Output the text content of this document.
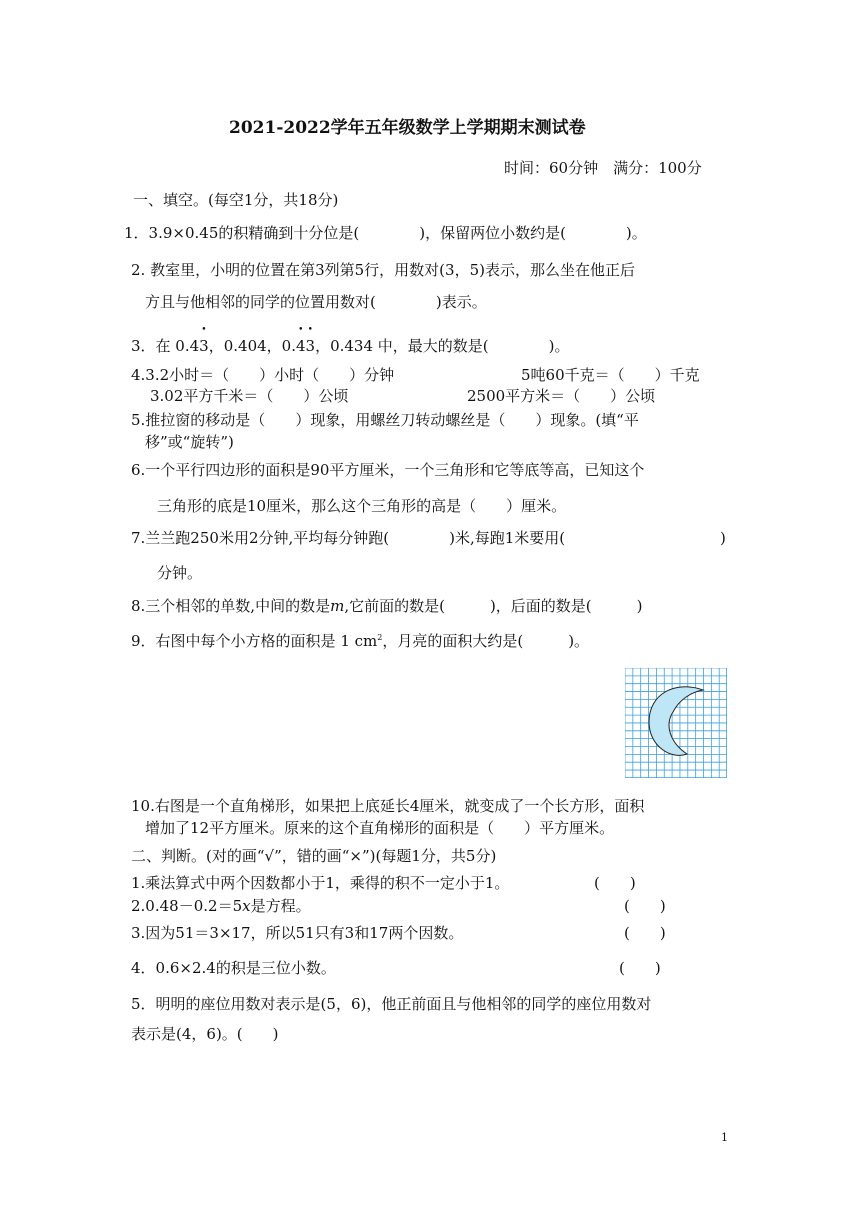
2021-2022学年五年级数学上学期期末测试卷
时间：60分钟　满分：100分
一、填空。(每空1分，共18分)
1．3.9×0.45的积精确到十分位是(　　　　)，保留两位小数约是(　　　　)。
2. 教室里，小明的位置在第3列第5行，用数对(3，5)表示，那么坐在他正后
方且与他相邻的同学的位置用数对(　　　　)表示。
3．在 0.4• 3，0.404，0.• 4• 3，0.434 中，最大的数是(　　　　)。
4.3.2小时＝（　　）小时（　　）分钟	5吨60千克＝（　　）千克
3.02平方千米＝（　　）公顷	2500平方米＝（　　）公顷
5.推拉窗的移动是（　　）现象，用螺丝刀转动螺丝是（　　）现象。(填“平
移”或“旋转”)
6.一个平行四边形的面积是90平方厘米，一个三角形和它等底等高，已知这个
三角形的底是10厘米，那么这个三角形的高是（　　）厘米。
7.兰兰跑250米用2分钟,平均每分钟跑(　　　　)米,每跑1米要用(	)
分钟。
8.三个相邻的单数,中间的数是m,它前面的数是(　　　)，后面的数是(　　　)
9．右图中每个小方格的面积是 1 $cm^2$，月亮的面积大约是(　　　)。
10.右图是一个直角梯形，如果把上底延长4厘米，就变成了一个长方形，面积
增加了12平方厘米。原来的这个直角梯形的面积是（　　）平方厘米。
二、判断。(对的画“√”，错的画“×”)(每题1分，共5分)
1.乘法算式中两个因数都小于1，乘得的积不一定小于1。	(　　)
2.0.48－0.2＝5x是方程。	(　　)
3.因为51＝3×17，所以51只有3和17两个因数。	(　　)
4．0.6×2.4的积是三位小数。	(　　)
5．明明的座位用数对表示是(5，6)，他正前面且与他相邻的同学的座位用数对
表示是(4，6)。(　　)
1
